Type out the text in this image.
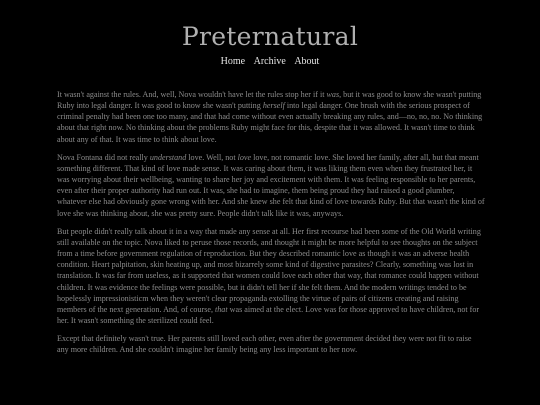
Preternatural
Home Archive About

It wasn't against the rules. And, well, Nova wouldn't have let the rules stop her if it was, but it was good to know she wasn't putting Ruby into legal danger. It was good to know she wasn't putting herself into legal danger. One brush with the serious prospect of criminal penalty had been one too many, and that had come without even actually breaking any rules, and—no, no, no. No thinking about that right now. No thinking about the problems Ruby might face for this, despite that it was allowed. It wasn't time to think about any of that. It was time to think about love.

Nova Fontana did not really understand love. Well, not love love, not romantic love. She loved her family, after all, but that meant something different. That kind of love made sense. It was caring about them, it was liking them even when they frustrated her, it was worrying about their wellbeing, wanting to share her joy and excitement with them. It was feeling responsible to her parents, even after their proper authority had run out. It was, she had to imagine, them being proud they had raised a good plumber, whatever else had obviously gone wrong with her. And she knew she felt that kind of love towards Ruby. But that wasn't the kind of love she was thinking about, she was pretty sure. People didn't talk like it was, anyways.

But people didn't really talk about it in a way that made any sense at all. Her first recourse had been some of the Old World writing still available on the topic. Nova liked to peruse those records, and thought it might be more helpful to see thoughts on the subject from a time before government regulation of reproduction. But they described romantic love as though it was an adverse health condition. Heart palpitation, skin heating up, and most bizarrely some kind of digestive parasites? Clearly, something was lost in translation. It was far from useless, as it supported that women could love each other that way, that romance could happen without children. It was evidence the feelings were possible, but it didn't tell her if she felt them. And the modern writings tended to be hopelessly impressionisticm when they weren't clear propaganda extolling the virtue of pairs of citizens creating and raising members of the next generation. And, of course, that was aimed at the elect. Love was for those approved to have children, not for her. It wasn't something the sterilized could feel.

Except that definitely wasn't true. Her parents still loved each other, even after the government decided they were not fit to raise any more children. And she couldn't imagine her family being any less important to her now.
